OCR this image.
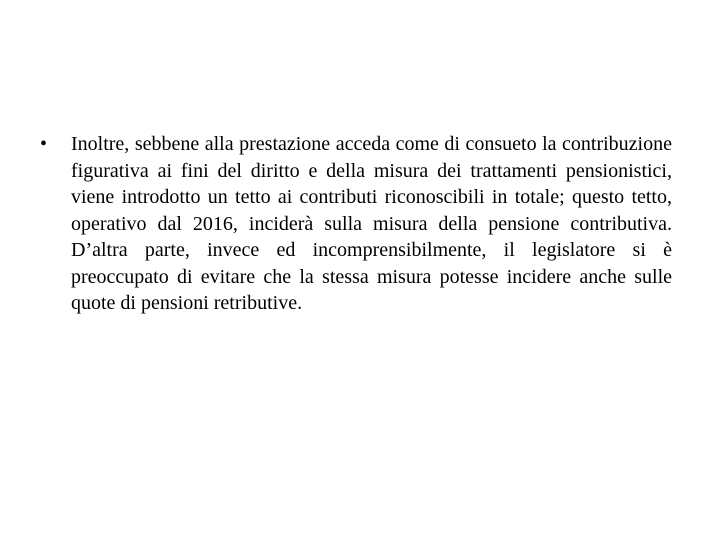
•	Inoltre, sebbene alla prestazione acceda come di consueto la contribuzione figurativa ai fini del diritto e della misura dei trattamenti pensionistici, viene introdotto un tetto ai contributi riconoscibili in totale; questo tetto, operativo dal 2016, inciderà sulla misura della pensione contributiva. D’altra parte, invece ed incomprensibilmente, il legislatore si è preoccupato di evitare che la stessa misura potesse incidere anche sulle quote di pensioni retributive.
